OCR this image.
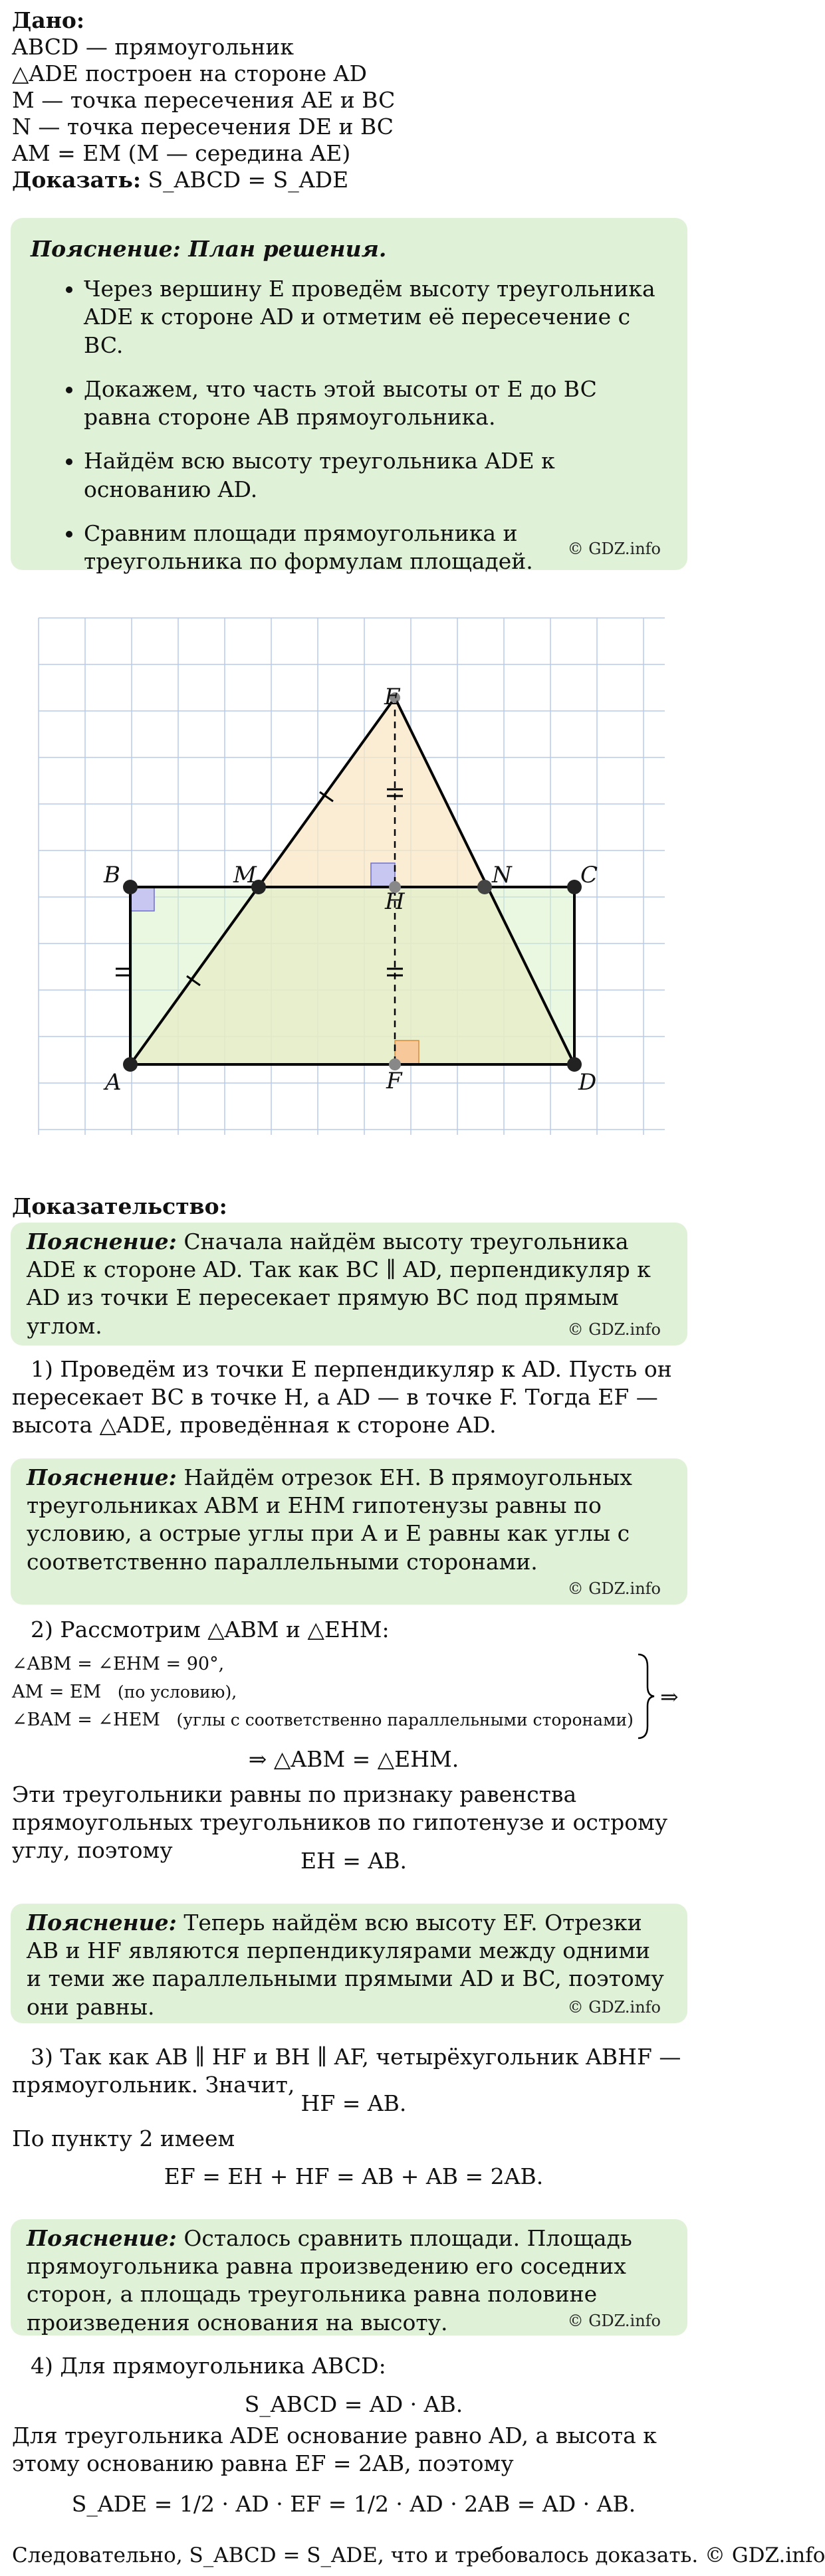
Дано:
ABCD — прямоугольник
△ADE построен на стороне AD
M — точка пересечения AE и BC
N — точка пересечения DE и BC
AM = EM (M — середина AE)
Доказать: S_ABCD = S_ADE
Пояснение: План решения.
• Через вершину E проведём высоту треугольника ADE к стороне AD и отметим её пересечение с BC.
• Докажем, что часть этой высоты от E до BC равна стороне AB прямоугольника.
• Найдём всю высоту треугольника ADE к основанию AD.
• Сравним площади прямоугольника и треугольника по формулам площадей.	© GDZ.info
B	C
A	D
E
M	N
H
F
Доказательство:
Пояснение: Сначала найдём высоту треугольника ADE к стороне AD. Так как BC ∥ AD, перпендикуляр к AD из точки E пересекает прямую BC под прямым углом.	© GDZ.info
1) Проведём из точки E перпендикуляр к AD. Пусть он пересекает BC в точке H, а AD — в точке F. Тогда EF — высота △ADE, проведённая к стороне AD.
Пояснение: Найдём отрезок EH. В прямоугольных треугольниках ABM и EHM гипотенузы равны по условию, а острые углы при A и E равны как углы с соответственно параллельными сторонами.
© GDZ.info
2) Рассмотрим △ABM и △EHM:
∠ABM = ∠EHM = 90°,
AM = EM (по условию),
∠BAM = ∠HEM (углы с соответственно параллельными сторонами)
⇒
⇒ △ABM = △EHM.
Эти треугольники равны по признаку равенства прямоугольных треугольников по гипотенузе и острому углу, поэтому	EH = AB.
Пояснение: Теперь найдём всю высоту EF. Отрезки AB и HF являются перпендикулярами между одними и теми же параллельными прямыми AD и BC, поэтому они равны.	© GDZ.info
3) Так как AB ∥ HF и BH ∥ AF, четырёхугольник ABHF — прямоугольник. Значит,
HF = AB.
По пункту 2 имеем
EF = EH + HF = AB + AB = 2AB.
Пояснение: Осталось сравнить площади. Площадь прямоугольника равна произведению его соседних сторон, а площадь треугольника равна половине произведения основания на высоту.	© GDZ.info
4) Для прямоугольника ABCD:
S_ABCD = AD · AB.
Для треугольника ADE основание равно AD, а высота к этому основанию равна EF = 2AB, поэтому
S_ADE = 1/2 · AD · EF = 1/2 · AD · 2AB = AD · AB.
Следовательно, S_ABCD = S_ADE, что и требовалось доказать. © GDZ.info
